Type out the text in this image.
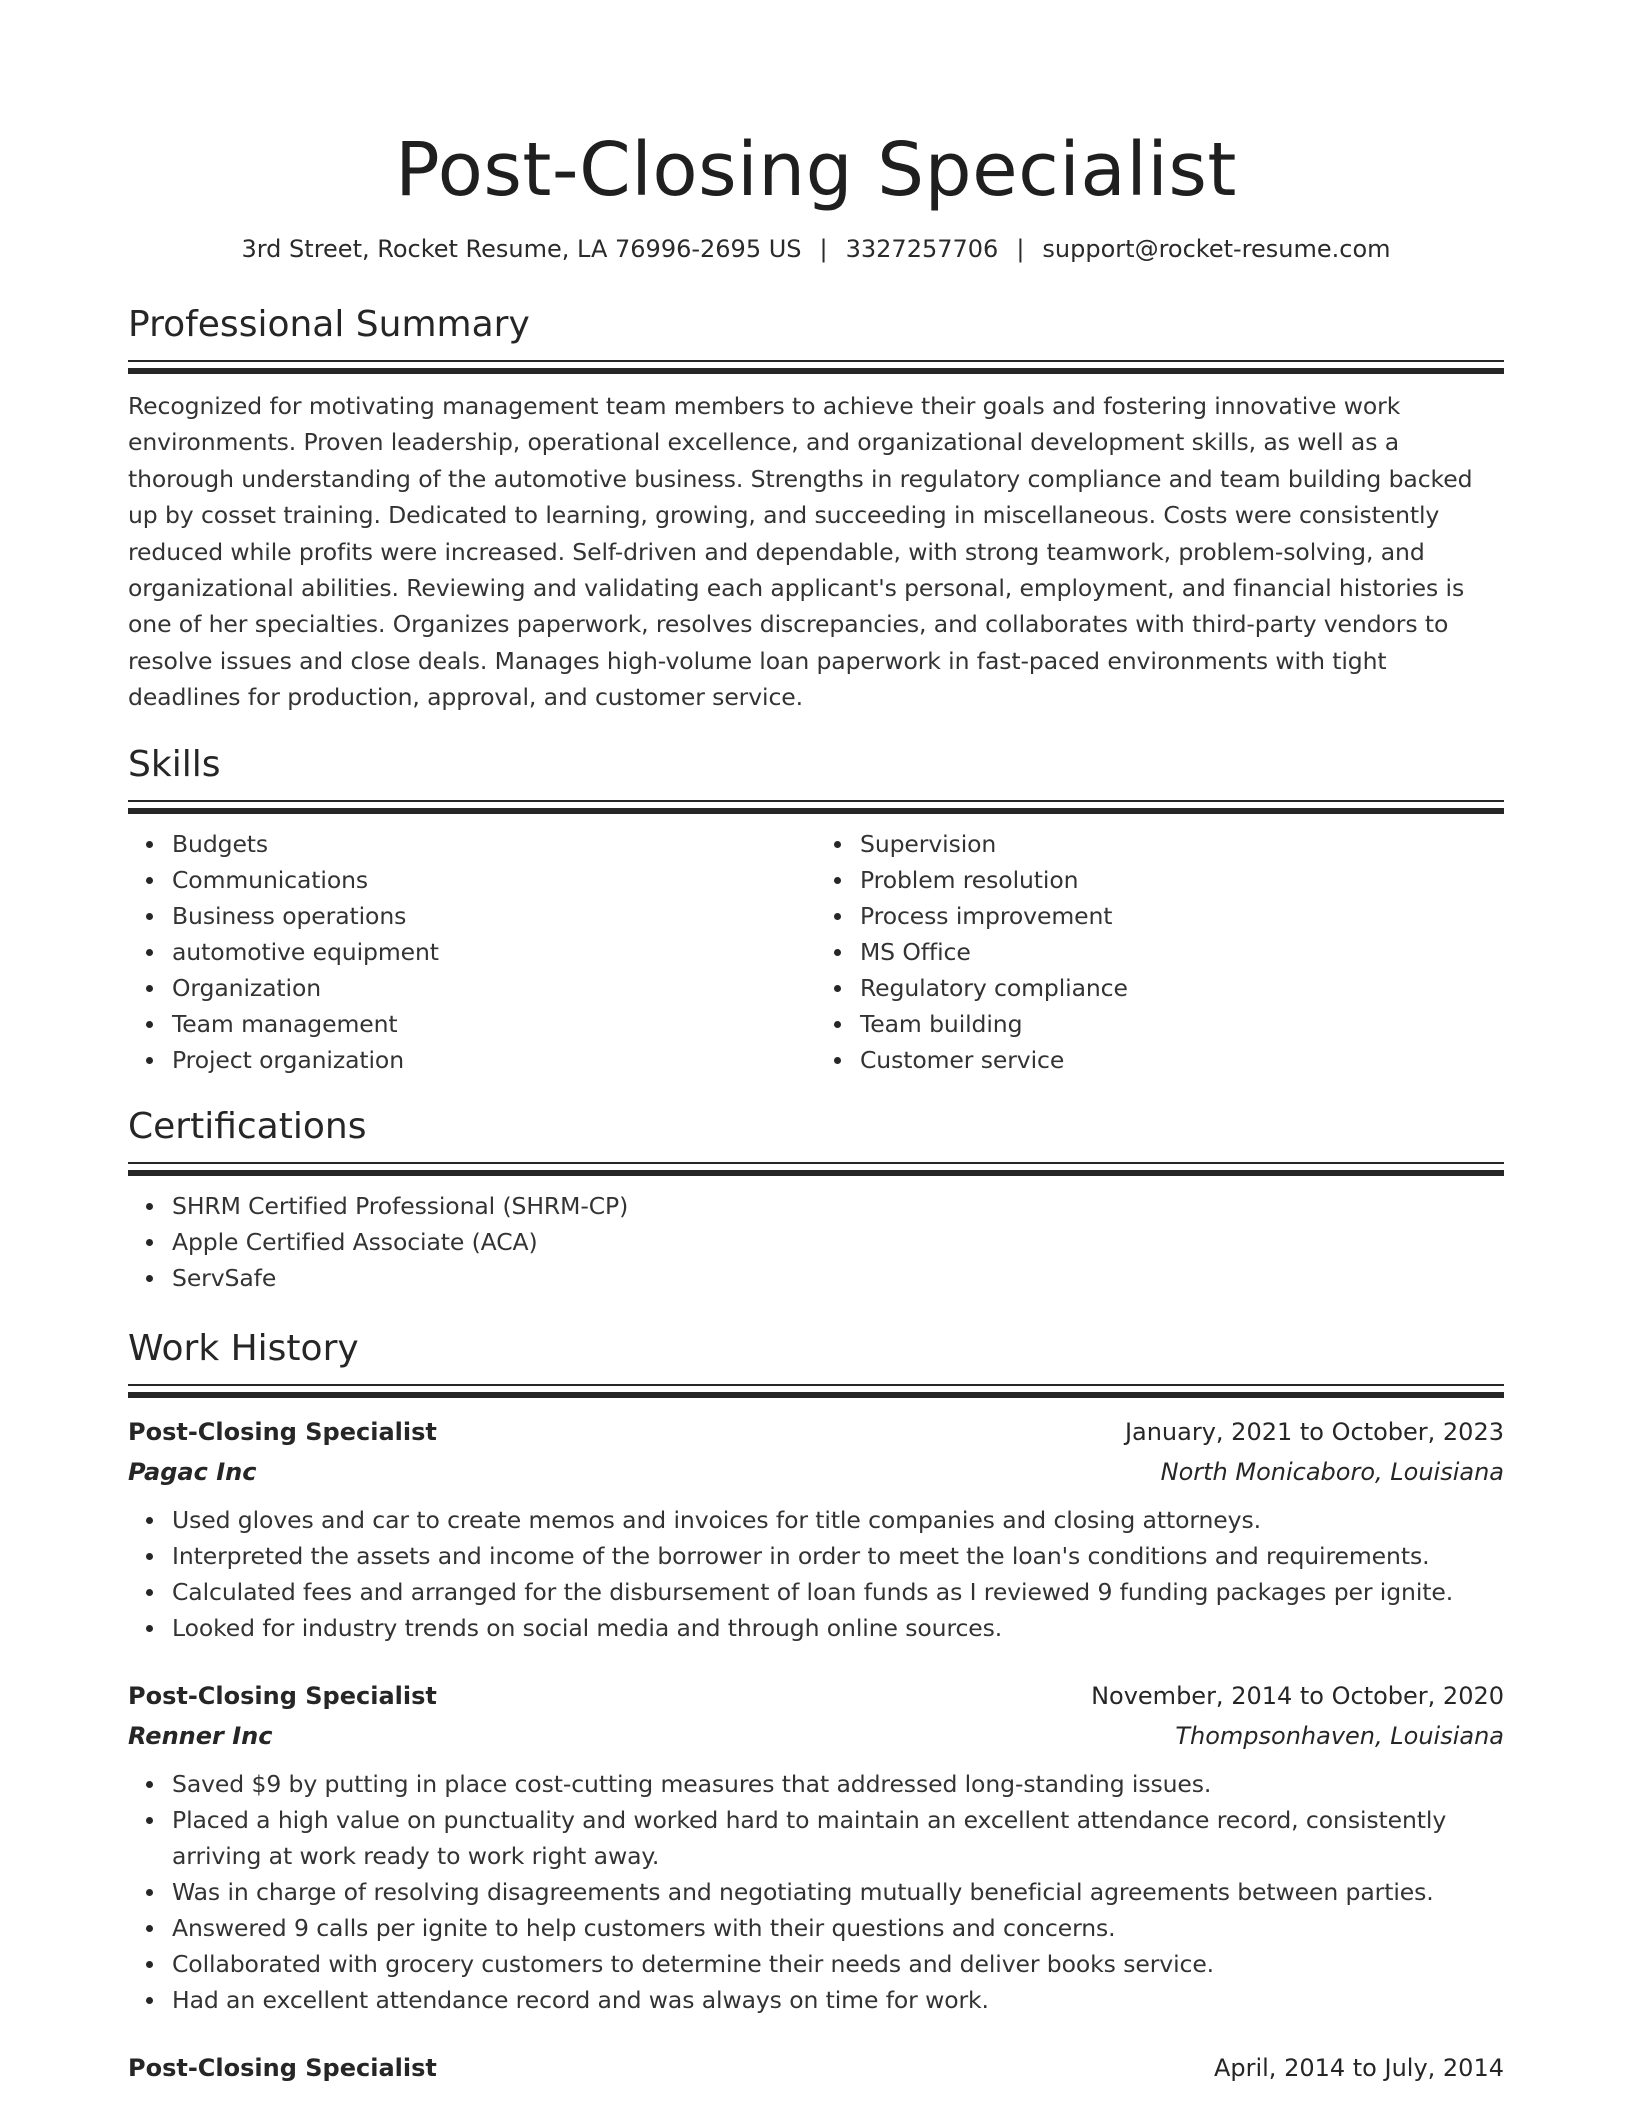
Post-Closing Specialist
3rd Street, Rocket Resume, LA 76996-2695 US | 3327257706 | support@rocket-resume.com
Professional Summary
Recognized for motivating management team members to achieve their goals and fostering innovative work environments. Proven leadership, operational excellence, and organizational development skills, as well as a thorough understanding of the automotive business. Strengths in regulatory compliance and team building backed up by cosset training. Dedicated to learning, growing, and succeeding in miscellaneous. Costs were consistently reduced while profits were increased. Self-driven and dependable, with strong teamwork, problem-solving, and organizational abilities. Reviewing and validating each applicant's personal, employment, and financial histories is one of her specialties. Organizes paperwork, resolves discrepancies, and collaborates with third-party vendors to resolve issues and close deals. Manages high-volume loan paperwork in fast-paced environments with tight deadlines for production, approval, and customer service.
Skills
Budgets
Communications
Business operations
automotive equipment
Organization
Team management
Project organization
Supervision
Problem resolution
Process improvement
MS Office
Regulatory compliance
Team building
Customer service
Certifications
SHRM Certified Professional (SHRM-CP)
Apple Certified Associate (ACA)
ServSafe
Work History
Post-Closing Specialist	January, 2021 to October, 2023
Pagac Inc	North Monicaboro, Louisiana
Used gloves and car to create memos and invoices for title companies and closing attorneys.
Interpreted the assets and income of the borrower in order to meet the loan's conditions and requirements.
Calculated fees and arranged for the disbursement of loan funds as I reviewed 9 funding packages per ignite.
Looked for industry trends on social media and through online sources.
Post-Closing Specialist	November, 2014 to October, 2020
Renner Inc	Thompsonhaven, Louisiana
Saved $9 by putting in place cost-cutting measures that addressed long-standing issues.
Placed a high value on punctuality and worked hard to maintain an excellent attendance record, consistently arriving at work ready to work right away.
Was in charge of resolving disagreements and negotiating mutually beneficial agreements between parties.
Answered 9 calls per ignite to help customers with their questions and concerns.
Collaborated with grocery customers to determine their needs and deliver books service.
Had an excellent attendance record and was always on time for work.
Post-Closing Specialist	April, 2014 to July, 2014
